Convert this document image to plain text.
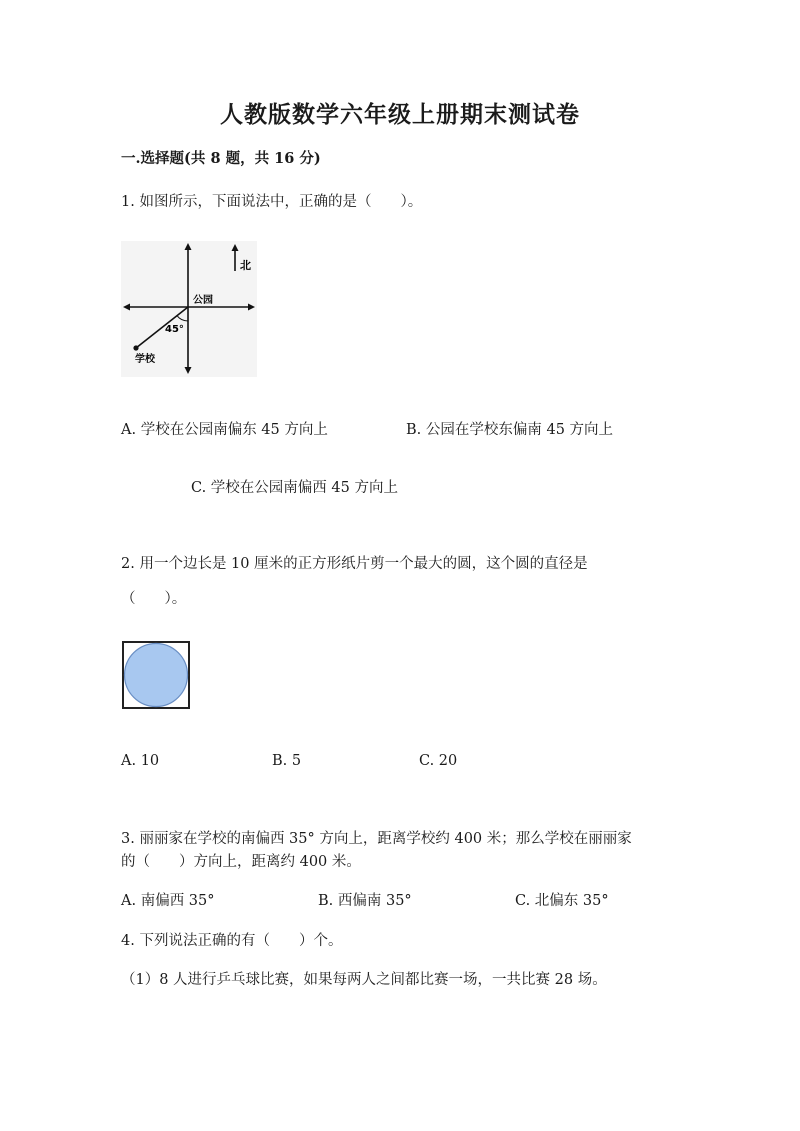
人教版数学六年级上册期末测试卷
一.选择题(共 8 题，共 16 分)
1. 如图所示，下面说法中，正确的是（　　）。
北
公园
45°
学校
A. 学校在公园南偏东 45 方向上	B. 公园在学校东偏南 45 方向上
C. 学校在公园南偏西 45 方向上
2. 用一个边长是 10 厘米的正方形纸片剪一个最大的圆，这个圆的直径是
（　　）。
A. 10	B. 5	C. 20
3. 丽丽家在学校的南偏西 35° 方向上，距离学校约 400 米；那么学校在丽丽家
的（　　）方向上，距离约 400 米。
A. 南偏西 35°	B. 西偏南 35°	C. 北偏东 35°
4. 下列说法正确的有（　　）个。
（1）8 人进行乒乓球比赛，如果每两人之间都比赛一场，一共比赛 28 场。
